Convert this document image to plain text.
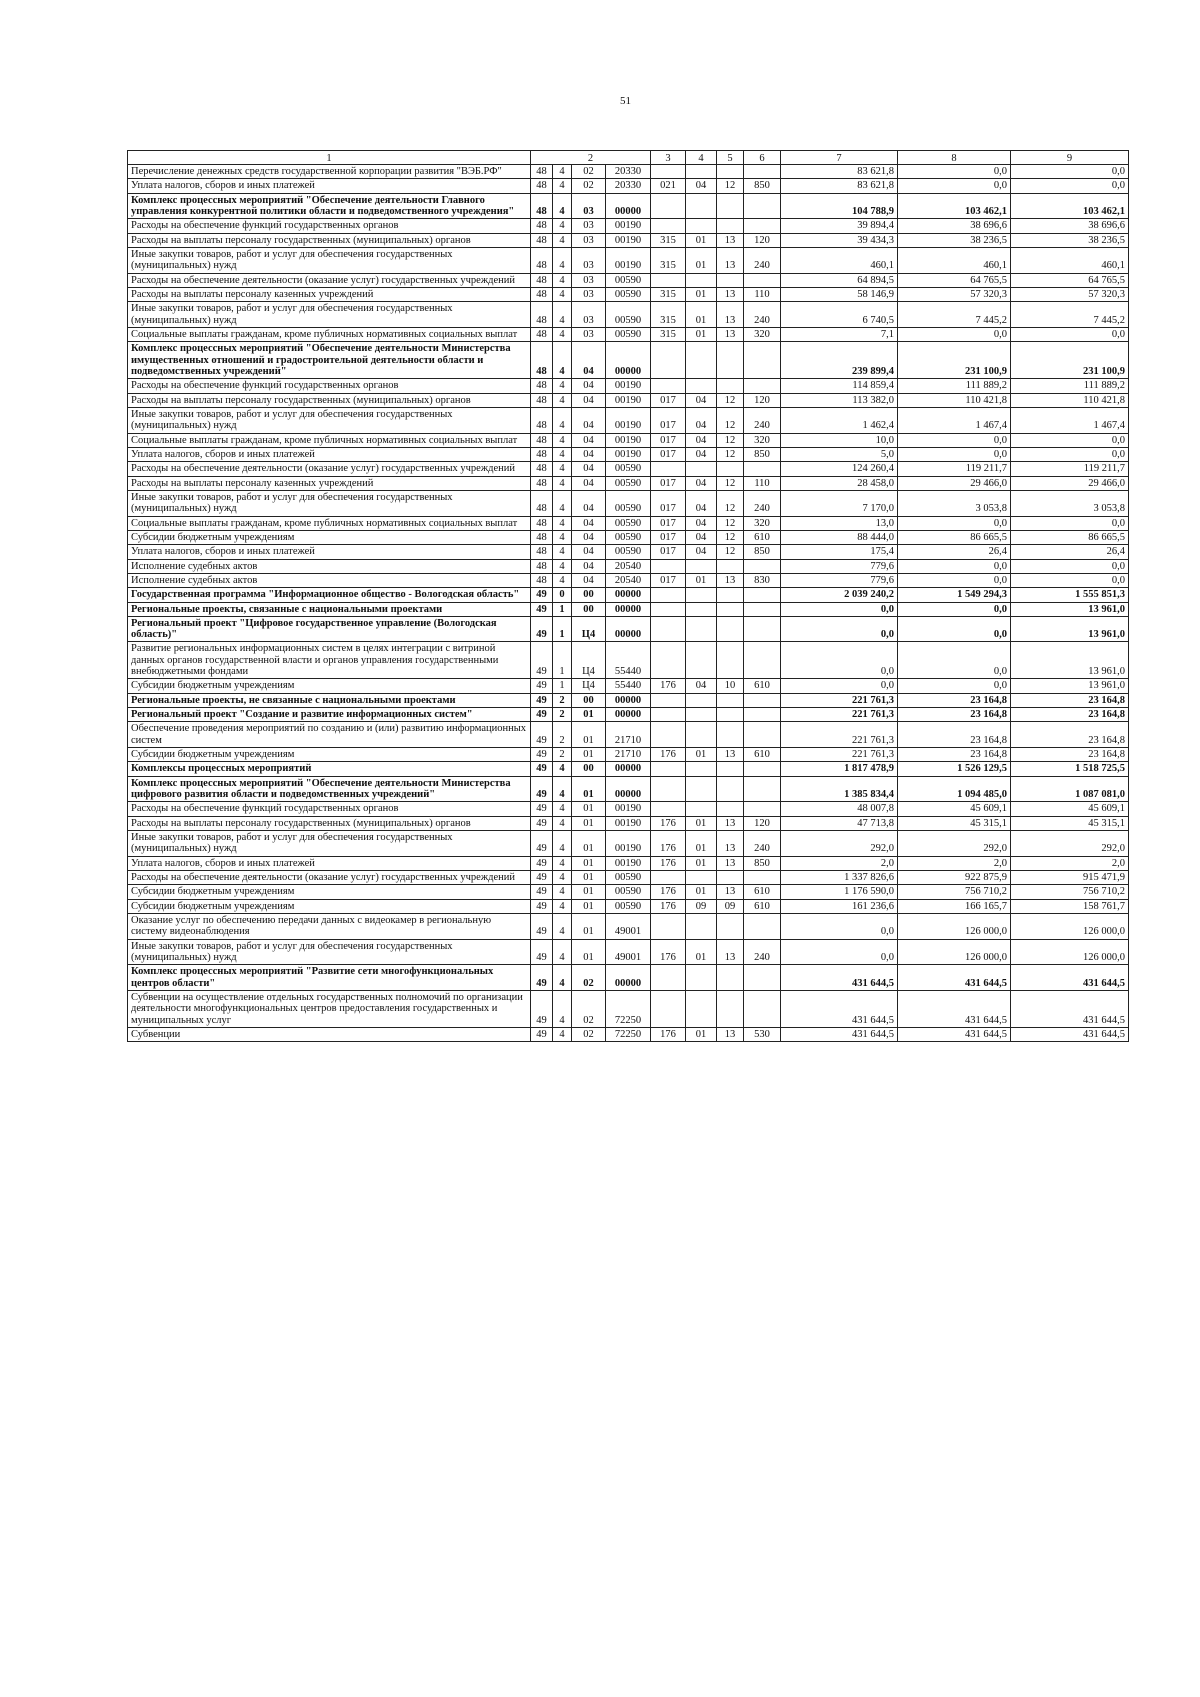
51
1	2				3	4	5	6	7	8	9
Перечисление денежных средств государственной корпорации развития "ВЭБ.РФ"	48	4	02	20330					83 621,8	0,0	0,0
Уплата налогов, сборов и иных платежей	48	4	02	20330	021	04	12	850	83 621,8	0,0	0,0
Комплекс процессных мероприятий "Обеспечение деятельности Главного управления конкурентной политики области и подведомственного учреждения"	48	4	03	00000					104 788,9	103 462,1	103 462,1
Расходы на обеспечение функций государственных органов	48	4	03	00190					39 894,4	38 696,6	38 696,6
Расходы на выплаты персоналу государственных (муниципальных) органов	48	4	03	00190	315	01	13	120	39 434,3	38 236,5	38 236,5
Иные закупки товаров, работ и услуг для обеспечения государственных (муниципальных) нужд	48	4	03	00190	315	01	13	240	460,1	460,1	460,1
Расходы на обеспечение деятельности (оказание услуг) государственных учреждений	48	4	03	00590					64 894,5	64 765,5	64 765,5
Расходы на выплаты персоналу казенных учреждений	48	4	03	00590	315	01	13	110	58 146,9	57 320,3	57 320,3
Иные закупки товаров, работ и услуг для обеспечения государственных (муниципальных) нужд	48	4	03	00590	315	01	13	240	6 740,5	7 445,2	7 445,2
Социальные выплаты гражданам, кроме публичных нормативных социальных выплат	48	4	03	00590	315	01	13	320	7,1	0,0	0,0
Комплекс процессных мероприятий "Обеспечение деятельности Министерства имущественных отношений и градостроительной деятельности области и подведомственных учреждений"	48	4	04	00000					239 899,4	231 100,9	231 100,9
Расходы на обеспечение функций государственных органов	48	4	04	00190					114 859,4	111 889,2	111 889,2
Расходы на выплаты персоналу государственных (муниципальных) органов	48	4	04	00190	017	04	12	120	113 382,0	110 421,8	110 421,8
Иные закупки товаров, работ и услуг для обеспечения государственных (муниципальных) нужд	48	4	04	00190	017	04	12	240	1 462,4	1 467,4	1 467,4
Социальные выплаты гражданам, кроме публичных нормативных социальных выплат	48	4	04	00190	017	04	12	320	10,0	0,0	0,0
Уплата налогов, сборов и иных платежей	48	4	04	00190	017	04	12	850	5,0	0,0	0,0
Расходы на обеспечение деятельности (оказание услуг) государственных учреждений	48	4	04	00590					124 260,4	119 211,7	119 211,7
Расходы на выплаты персоналу казенных учреждений	48	4	04	00590	017	04	12	110	28 458,0	29 466,0	29 466,0
Иные закупки товаров, работ и услуг для обеспечения государственных (муниципальных) нужд	48	4	04	00590	017	04	12	240	7 170,0	3 053,8	3 053,8
Социальные выплаты гражданам, кроме публичных нормативных социальных выплат	48	4	04	00590	017	04	12	320	13,0	0,0	0,0
Субсидии бюджетным учреждениям	48	4	04	00590	017	04	12	610	88 444,0	86 665,5	86 665,5
Уплата налогов, сборов и иных платежей	48	4	04	00590	017	04	12	850	175,4	26,4	26,4
Исполнение судебных актов	48	4	04	20540					779,6	0,0	0,0
Исполнение судебных актов	48	4	04	20540	017	01	13	830	779,6	0,0	0,0
Государственная программа "Информационное общество - Вологодская область"	49	0	00	00000					2 039 240,2	1 549 294,3	1 555 851,3
Региональные проекты, связанные с национальными проектами	49	1	00	00000					0,0	0,0	13 961,0
Региональный проект "Цифровое государственное управление (Вологодская область)"	49	1	Ц4	00000					0,0	0,0	13 961,0
Развитие региональных информационных систем в целях интеграции с витриной данных органов государственной власти и органов управления государственными внебюджетными фондами	49	1	Ц4	55440					0,0	0,0	13 961,0
Субсидии бюджетным учреждениям	49	1	Ц4	55440	176	04	10	610	0,0	0,0	13 961,0
Региональные проекты, не связанные с национальными проектами	49	2	00	00000					221 761,3	23 164,8	23 164,8
Региональный проект "Создание и развитие информационных систем"	49	2	01	00000					221 761,3	23 164,8	23 164,8
Обеспечение проведения мероприятий по созданию и (или) развитию информационных систем	49	2	01	21710					221 761,3	23 164,8	23 164,8
Субсидии бюджетным учреждениям	49	2	01	21710	176	01	13	610	221 761,3	23 164,8	23 164,8
Комплексы процессных мероприятий	49	4	00	00000					1 817 478,9	1 526 129,5	1 518 725,5
Комплекс процессных мероприятий "Обеспечение деятельности Министерства цифрового развития области и подведомственных учреждений"	49	4	01	00000					1 385 834,4	1 094 485,0	1 087 081,0
Расходы на обеспечение функций государственных органов	49	4	01	00190					48 007,8	45 609,1	45 609,1
Расходы на выплаты персоналу государственных (муниципальных) органов	49	4	01	00190	176	01	13	120	47 713,8	45 315,1	45 315,1
Иные закупки товаров, работ и услуг для обеспечения государственных (муниципальных) нужд	49	4	01	00190	176	01	13	240	292,0	292,0	292,0
Уплата налогов, сборов и иных платежей	49	4	01	00190	176	01	13	850	2,0	2,0	2,0
Расходы на обеспечение деятельности (оказание услуг) государственных учреждений	49	4	01	00590					1 337 826,6	922 875,9	915 471,9
Субсидии бюджетным учреждениям	49	4	01	00590	176	01	13	610	1 176 590,0	756 710,2	756 710,2
Субсидии бюджетным учреждениям	49	4	01	00590	176	09	09	610	161 236,6	166 165,7	158 761,7
Оказание услуг по обеспечению передачи данных с видеокамер в региональную систему видеонаблюдения	49	4	01	49001					0,0	126 000,0	126 000,0
Иные закупки товаров, работ и услуг для обеспечения государственных (муниципальных) нужд	49	4	01	49001	176	01	13	240	0,0	126 000,0	126 000,0
Комплекс процессных мероприятий "Развитие сети многофункциональных центров области"	49	4	02	00000					431 644,5	431 644,5	431 644,5
Субвенции на осуществление отдельных государственных полномочий по организации деятельности многофункциональных центров предоставления государственных и муниципальных услуг	49	4	02	72250					431 644,5	431 644,5	431 644,5
Субвенции	49	4	02	72250	176	01	13	530	431 644,5	431 644,5	431 644,5
